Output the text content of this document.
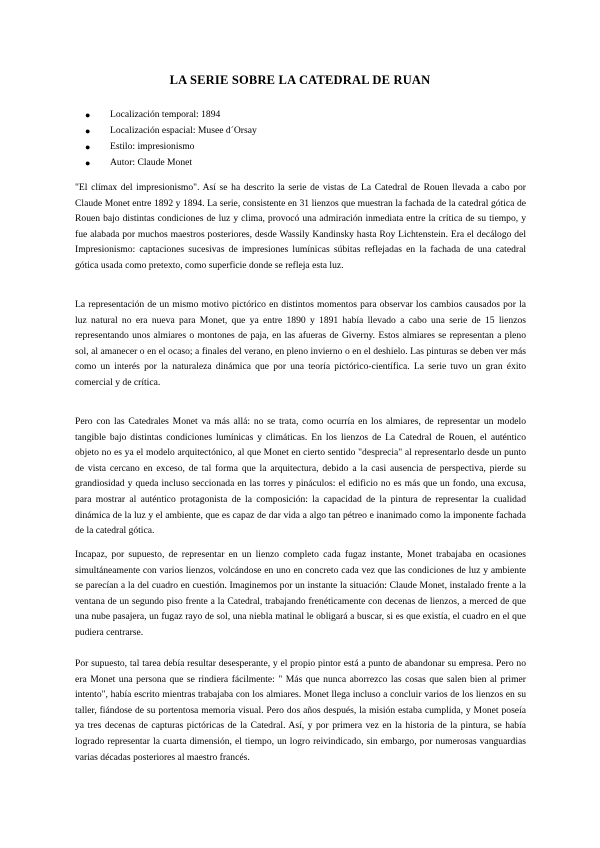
LA SERIE SOBRE LA CATEDRAL DE RUAN
● Localización temporal: 1894
● Localización espacial: Musee d´Orsay
● Estilo: impresionismo
● Autor: Claude Monet

"El clímax del impresionismo". Así se ha descrito la serie de vistas de La Catedral de Rouen llevada a cabo por Claude Monet entre 1892 y 1894. La serie, consistente en 31 lienzos que muestran la fachada de la catedral gótica de Rouen bajo distintas condiciones de luz y clima, provocó una admiración inmediata entre la crítica de su tiempo, y fue alabada por muchos maestros posteriores, desde Wassily Kandinsky hasta Roy Lichtenstein. Era el decálogo del Impresionismo: captaciones sucesivas de impresiones lumínicas súbitas reflejadas en la fachada de una catedral gótica usada como pretexto, como superficie donde se refleja esta luz.

La representación de un mismo motivo pictórico en distintos momentos para observar los cambios causados por la luz natural no era nueva para Monet, que ya entre 1890 y 1891 había llevado a cabo una serie de 15 lienzos representando unos almiares o montones de paja, en las afueras de Giverny. Estos almiares se representan a pleno sol, al amanecer o en el ocaso; a finales del verano, en pleno invierno o en el deshielo. Las pinturas se deben ver más como un interés por la naturaleza dinámica que por una teoría pictórico-científica. La serie tuvo un gran éxito comercial y de crítica.

Pero con las Catedrales Monet va más allá: no se trata, como ocurría en los almiares, de representar un modelo tangible bajo distintas condiciones lumínicas y climáticas. En los lienzos de La Catedral de Rouen, el auténtico objeto no es ya el modelo arquitectónico, al que Monet en cierto sentido "desprecia" al representarlo desde un punto de vista cercano en exceso, de tal forma que la arquitectura, debido a la casi ausencia de perspectiva, pierde su grandiosidad y queda incluso seccionada en las torres y pináculos: el edificio no es más que un fondo, una excusa, para mostrar al auténtico protagonista de la composición: la capacidad de la pintura de representar la cualidad dinámica de la luz y el ambiente, que es capaz de dar vida a algo tan pétreo e inanimado como la imponente fachada de la catedral gótica.

Incapaz, por supuesto, de representar en un lienzo completo cada fugaz instante, Monet trabajaba en ocasiones simultáneamente con varios lienzos, volcándose en uno en concreto cada vez que las condiciones de luz y ambiente se parecían a la del cuadro en cuestión. Imaginemos por un instante la situación: Claude Monet, instalado frente a la ventana de un segundo piso frente a la Catedral, trabajando frenéticamente con decenas de lienzos, a merced de que una nube pasajera, un fugaz rayo de sol, una niebla matinal le obligará a buscar, si es que existía, el cuadro en el que pudiera centrarse.

Por supuesto, tal tarea debía resultar desesperante, y el propio pintor está a punto de abandonar su empresa. Pero no era Monet una persona que se rindiera fácilmente: " Más que nunca aborrezco las cosas que salen bien al primer intento", había escrito mientras trabajaba con los almiares. Monet llega incluso a concluir varios de los lienzos en su taller, fiándose de su portentosa memoria visual. Pero dos años después, la misión estaba cumplida, y Monet poseía ya tres decenas de capturas pictóricas de la Catedral. Así, y por primera vez en la historia de la pintura, se había logrado representar la cuarta dimensión, el tiempo, un logro reivindicado, sin embargo, por numerosas vanguardias varias décadas posteriores al maestro francés.
